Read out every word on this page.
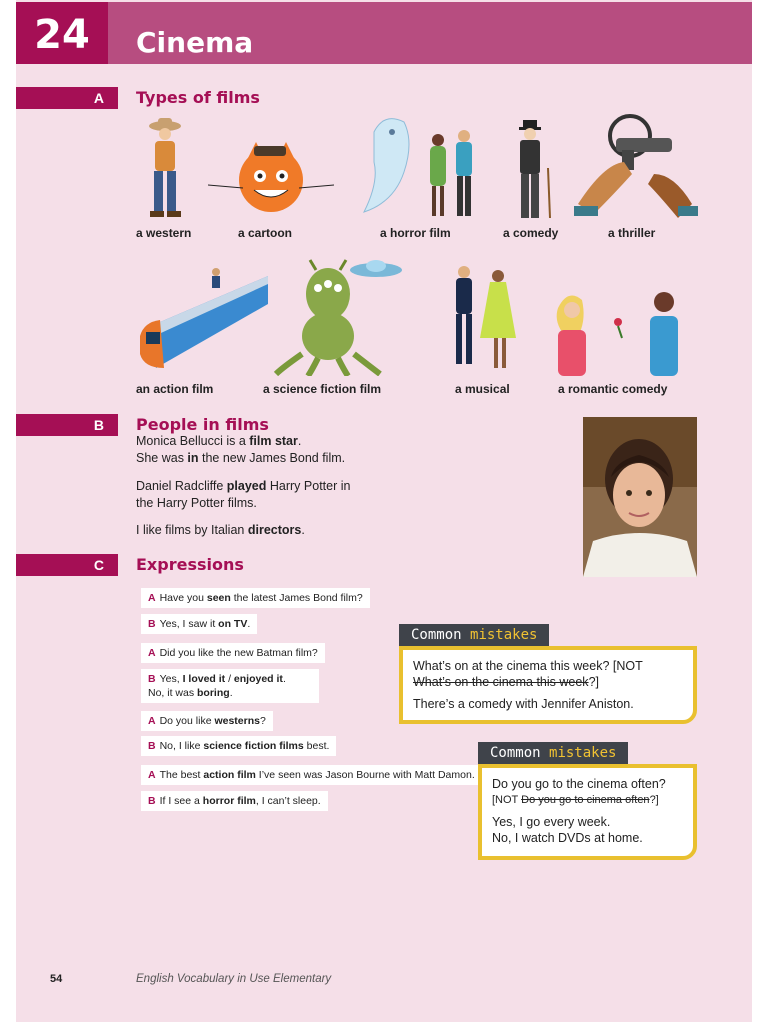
24	Cinema
A	Types of films
a western	a cartoon	a horror film	a comedy	a thriller
an action film	a science fiction film	a musical	a romantic comedy
B	People in films
Monica Bellucci is a film star.
She was in the new James Bond film.
Daniel Radcliffe played Harry Potter in
the Harry Potter films.
I like films by Italian directors.
C	Expressions
A Have you seen the latest James Bond film?
B Yes, I saw it on TV.
A Did you like the new Batman film?
B Yes, I loved it / enjoyed it.
No, it was boring.
A Do you like westerns?
B No, I like science fiction films best.
A The best action film I’ve seen was Jason Bourne with Matt Damon.
B If I see a horror film, I can’t sleep.
Common mistakes
What’s on at the cinema this week? [NOT What’s on the cinema this week?]
There’s a comedy with Jennifer Aniston.
Common mistakes
Do you go to the cinema often?
[NOT Do you go to cinema often?]
Yes, I go every week.
No, I watch DVDs at home.
54	English Vocabulary in Use Elementary
